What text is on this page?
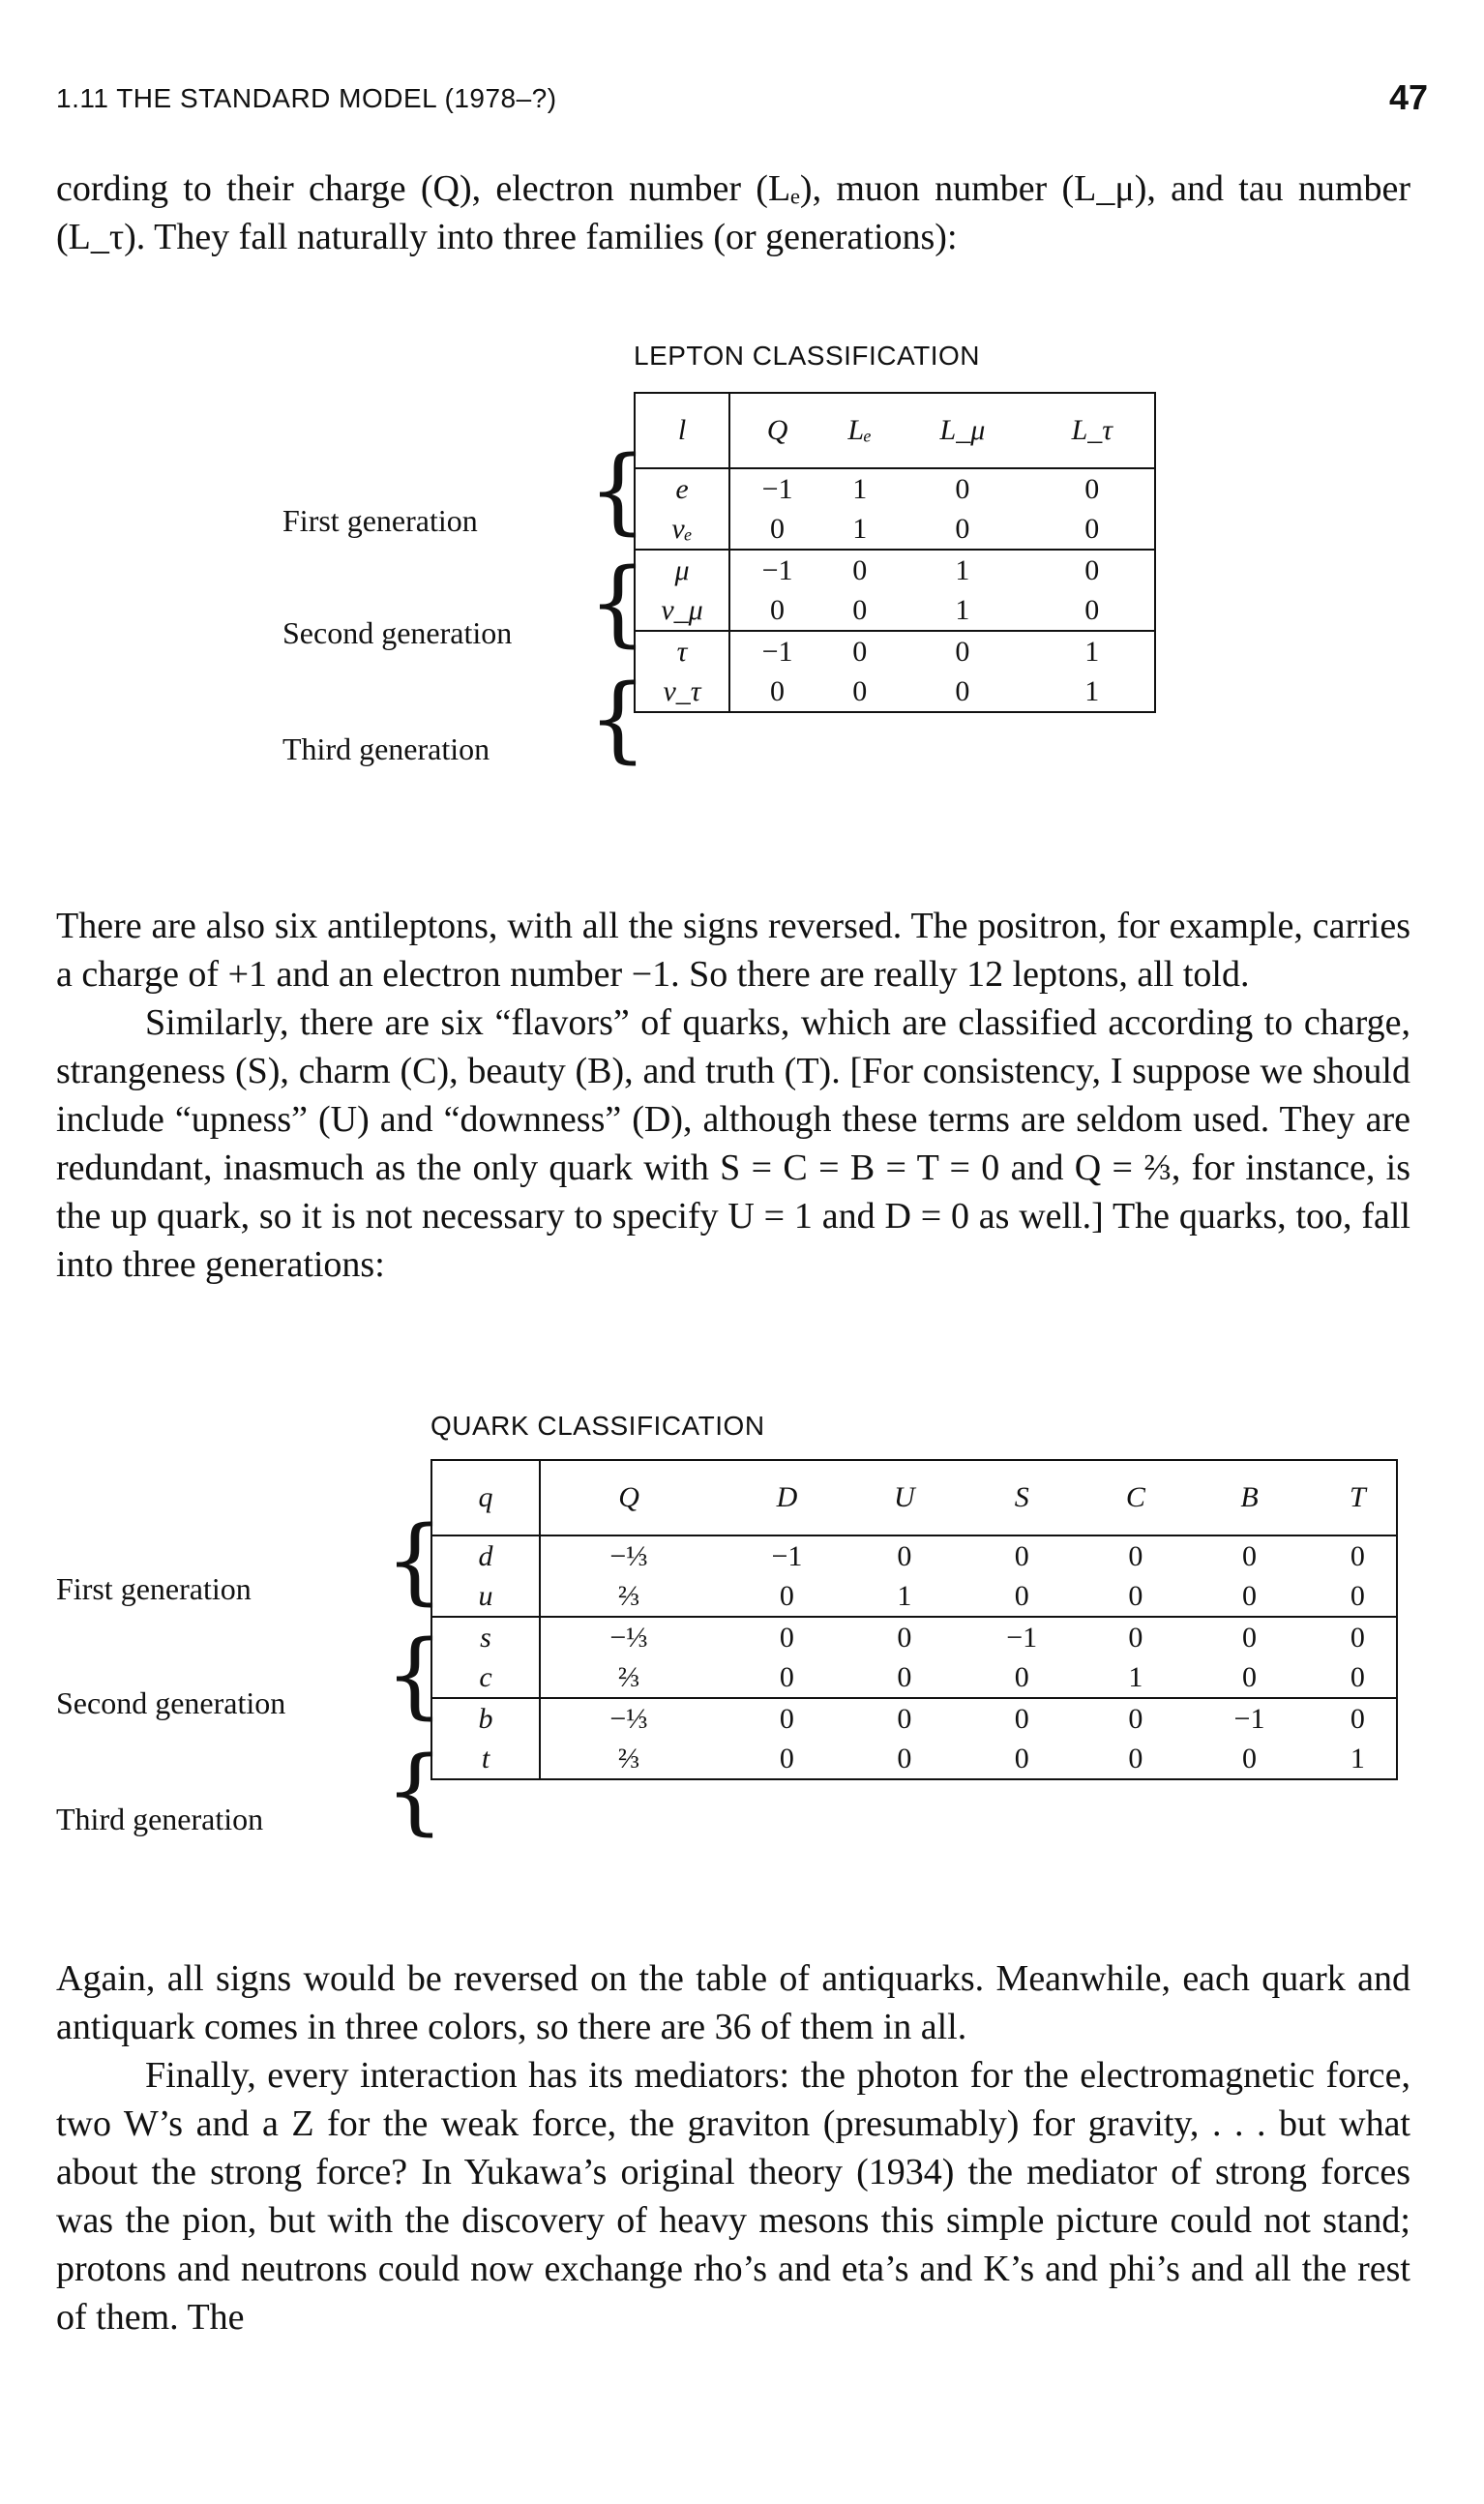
1.11 THE STANDARD MODEL (1978–?)	47

cording to their charge (Q), electron number (Lₑ), muon number (L_μ), and tau number (L_τ). They fall naturally into three families (or generations):

LEPTON CLASSIFICATION
First generation
Second generation
Third generation
{
{
{
l	Q	Lₑ	L_μ	L_τ
e	−1	1	0	0
νₑ	0	1	0	0
μ	−1	0	1	0
ν_μ	0	0	1	0
τ	−1	0	0	1
ν_τ	0	0	0	1

There are also six antileptons, with all the signs reversed. The positron, for example, carries a charge of +1 and an electron number −1. So there are really 12 leptons, all told.

Similarly, there are six “flavors” of quarks, which are classified according to charge, strangeness (S), charm (C), beauty (B), and truth (T). [For consistency, I suppose we should include “upness” (U) and “downness” (D), although these terms are seldom used. They are redundant, inasmuch as the only quark with S = C = B = T = 0 and Q = ⅔, for instance, is the up quark, so it is not necessary to specify U = 1 and D = 0 as well.] The quarks, too, fall into three generations:

QUARK CLASSIFICATION
First generation
Second generation
Third generation
{
{
{
q	Q	D	U	S	C	B	T
d	−⅓	−1	0	0	0	0	0
u	⅔	0	1	0	0	0	0
s	−⅓	0	0	−1	0	0	0
c	⅔	0	0	0	1	0	0
b	−⅓	0	0	0	0	−1	0
t	⅔	0	0	0	0	0	1

Again, all signs would be reversed on the table of antiquarks. Meanwhile, each quark and antiquark comes in three colors, so there are 36 of them in all.

Finally, every interaction has its mediators: the photon for the electromagnetic force, two W’s and a Z for the weak force, the graviton (presumably) for gravity, . . . but what about the strong force? In Yukawa’s original theory (1934) the mediator of strong forces was the pion, but with the discovery of heavy mesons this simple picture could not stand; protons and neutrons could now exchange rho’s and eta’s and K’s and phi’s and all the rest of them. The
